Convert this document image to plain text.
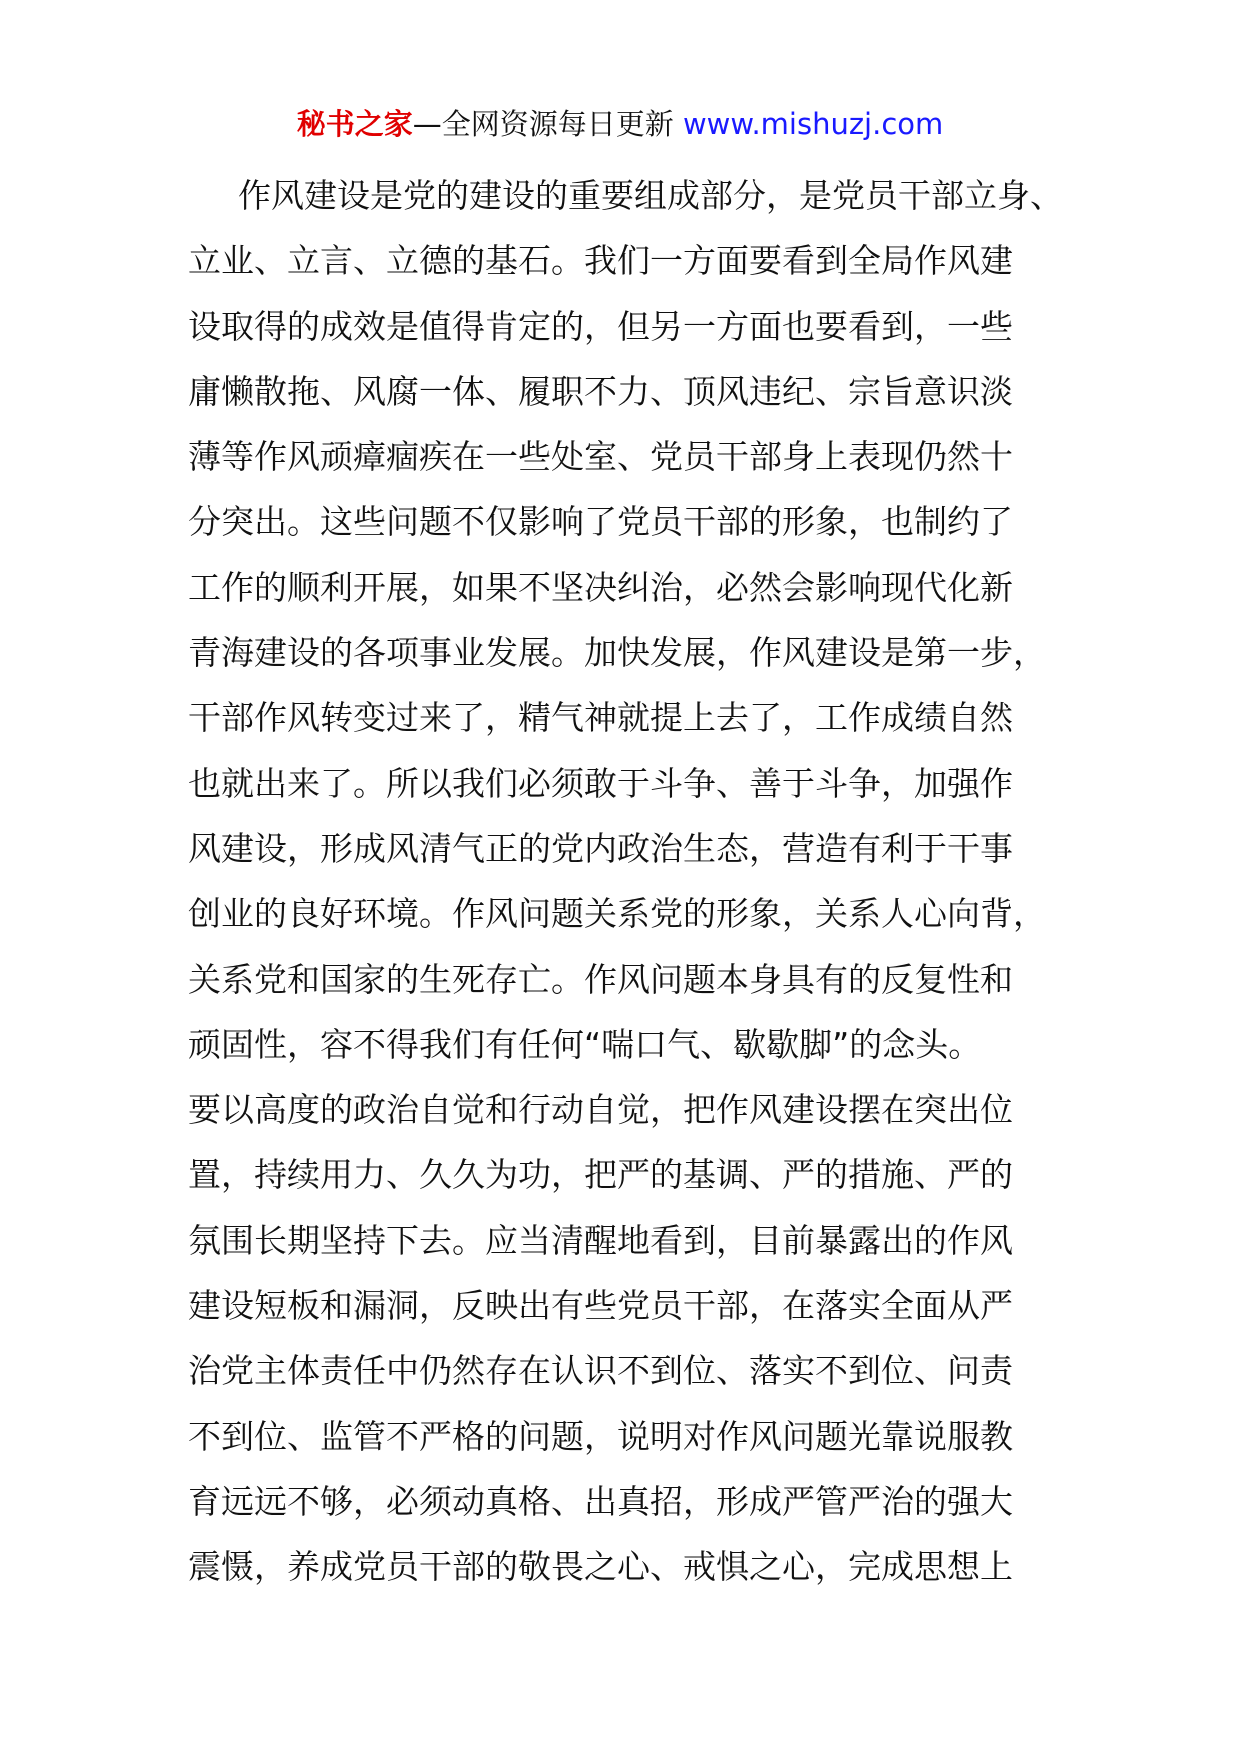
秘书之家—全网资源每日更新 www.mishuzj.com
作风建设是党的建设的重要组成部分，是党员干部立身、
立业、立言、立德的基石。我们一方面要看到全局作风建
设取得的成效是值得肯定的，但另一方面也要看到，一些
庸懒散拖、风腐一体、履职不力、顶风违纪、宗旨意识淡
薄等作风顽瘴痼疾在一些处室、党员干部身上表现仍然十
分突出。这些问题不仅影响了党员干部的形象，也制约了
工作的顺利开展，如果不坚决纠治，必然会影响现代化新
青海建设的各项事业发展。加快发展，作风建设是第一步，
干部作风转变过来了，精气神就提上去了，工作成绩自然
也就出来了。所以我们必须敢于斗争、善于斗争，加强作
风建设，形成风清气正的党内政治生态，营造有利于干事
创业的良好环境。作风问题关系党的形象，关系人心向背，
关系党和国家的生死存亡。作风问题本身具有的反复性和
顽固性，容不得我们有任何“喘口气、歇歇脚”的念头。
要以高度的政治自觉和行动自觉，把作风建设摆在突出位
置，持续用力、久久为功，把严的基调、严的措施、严的
氛围长期坚持下去。应当清醒地看到，目前暴露出的作风
建设短板和漏洞，反映出有些党员干部，在落实全面从严
治党主体责任中仍然存在认识不到位、落实不到位、问责
不到位、监管不严格的问题，说明对作风问题光靠说服教
育远远不够，必须动真格、出真招，形成严管严治的强大
震慑，养成党员干部的敬畏之心、戒惧之心，完成思想上
